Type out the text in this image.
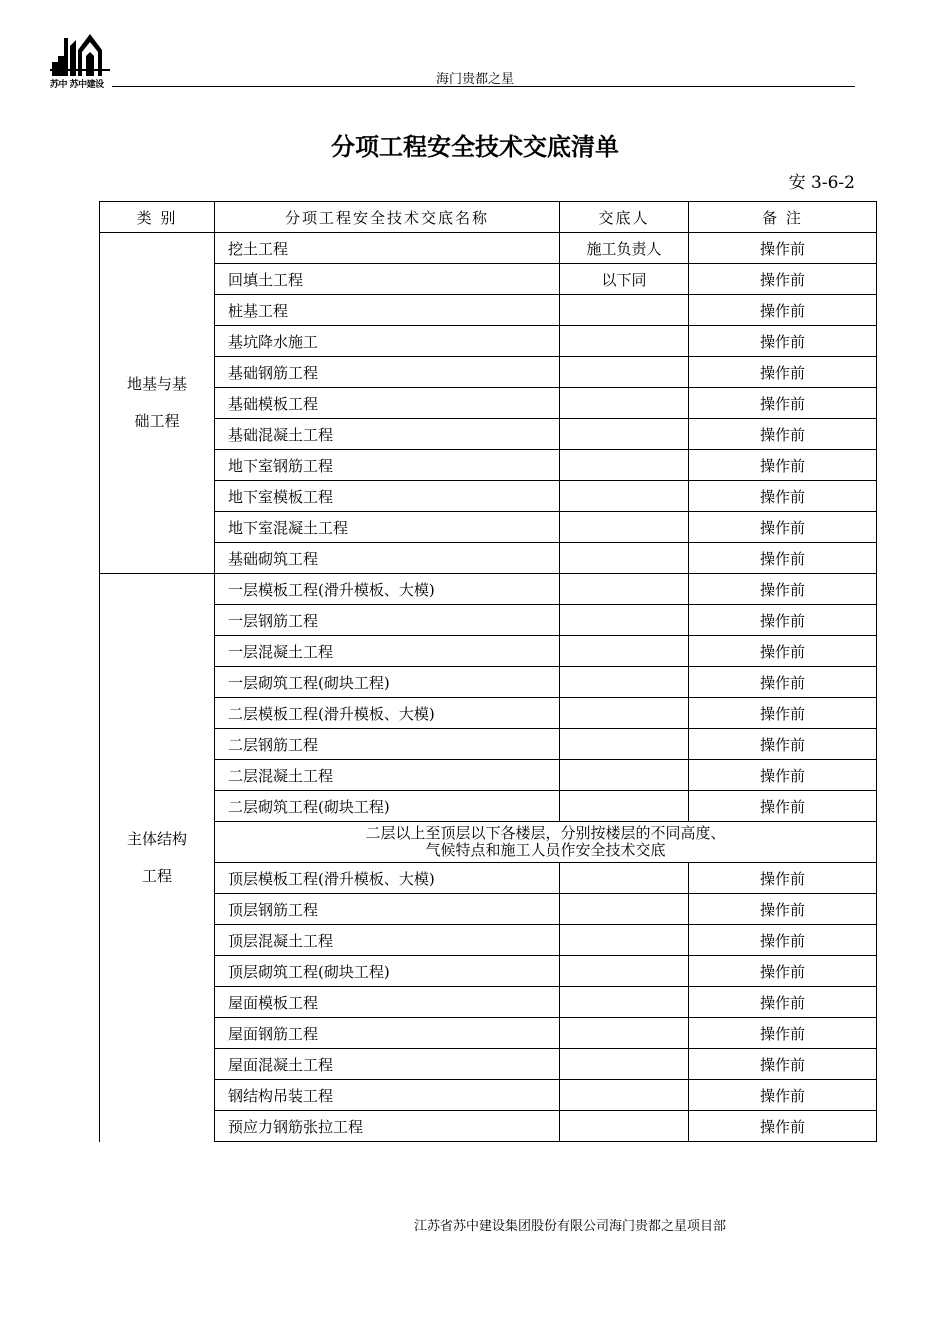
苏中 苏中建设	海门贵都之星
分项工程安全技术交底清单
安 3-6-2
类 别	分项工程安全技术交底名称	交底人	备 注

地基与基
础工程	挖土工程	施工负责人	操作前
	回填土工程	以下同	操作前
	桩基工程		操作前
	基坑降水施工		操作前
	基础钢筋工程		操作前
	基础模板工程		操作前
	基础混凝土工程		操作前
	地下室钢筋工程		操作前
	地下室模板工程		操作前
	地下室混凝土工程		操作前
	基础砌筑工程		操作前

主体结构
工程	一层模板工程(滑升模板、大模)		操作前
	一层钢筋工程		操作前
	一层混凝土工程		操作前
	一层砌筑工程(砌块工程)		操作前
	二层模板工程(滑升模板、大模)		操作前
	二层钢筋工程		操作前
	二层混凝土工程		操作前
	二层砌筑工程(砌块工程)		操作前

	二层以上至顶层以下各楼层，分别按楼层的不同高度、
气候特点和施工人员作安全技术交底		

	顶层模板工程(滑升模板、大模)		操作前
	顶层钢筋工程		操作前
	顶层混凝土工程		操作前
	顶层砌筑工程(砌块工程)		操作前
	屋面模板工程		操作前
	屋面钢筋工程		操作前
	屋面混凝土工程		操作前
	钢结构吊装工程		操作前
	预应力钢筋张拉工程		操作前
江苏省苏中建设集团股份有限公司海门贵都之星项目部
